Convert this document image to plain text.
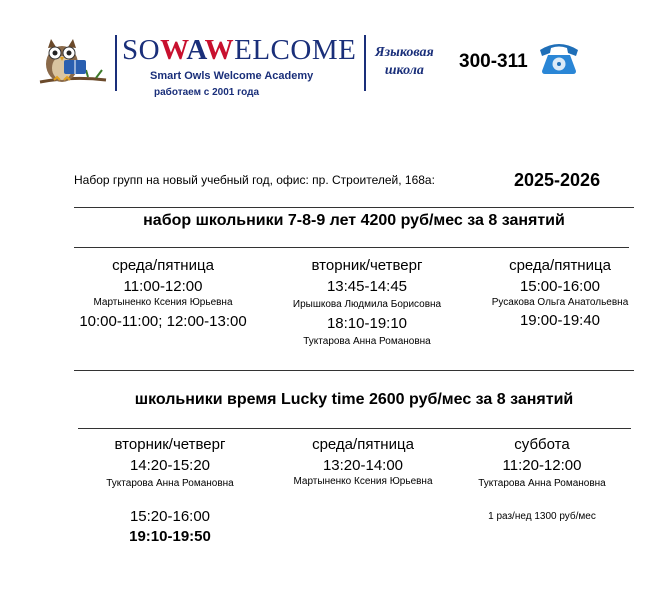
SOWAWELCOME
Smart Owls Welcome Academy
работаем с 2001 года
Языковая
школа	300-311
Набор групп на новый учебный год, офис: пр. Строителей, 168а:	2025-2026
набор школьники 7-8-9 лет 4200 руб/мес за 8 занятий
среда/пятница
11:00-12:00
Мартыненко Ксения Юрьевна
10:00-11:00; 12:00-13:00
вторник/четверг
13:45-14:45
Ирышкова Людмила Борисовна
18:10-19:10
Туктарова Анна Романовна
среда/пятница
15:00-16:00
Русакова Ольга Анатольевна
19:00-19:40
школьники время Lucky time 2600 руб/мес за 8 занятий
вторник/четверг
14:20-15:20
Туктарова Анна Романовна
15:20-16:00
19:10-19:50
среда/пятница
13:20-14:00
Мартыненко Ксения Юрьевна
суббота
11:20-12:00
Туктарова Анна Романовна
1 раз/нед 1300 руб/мес
